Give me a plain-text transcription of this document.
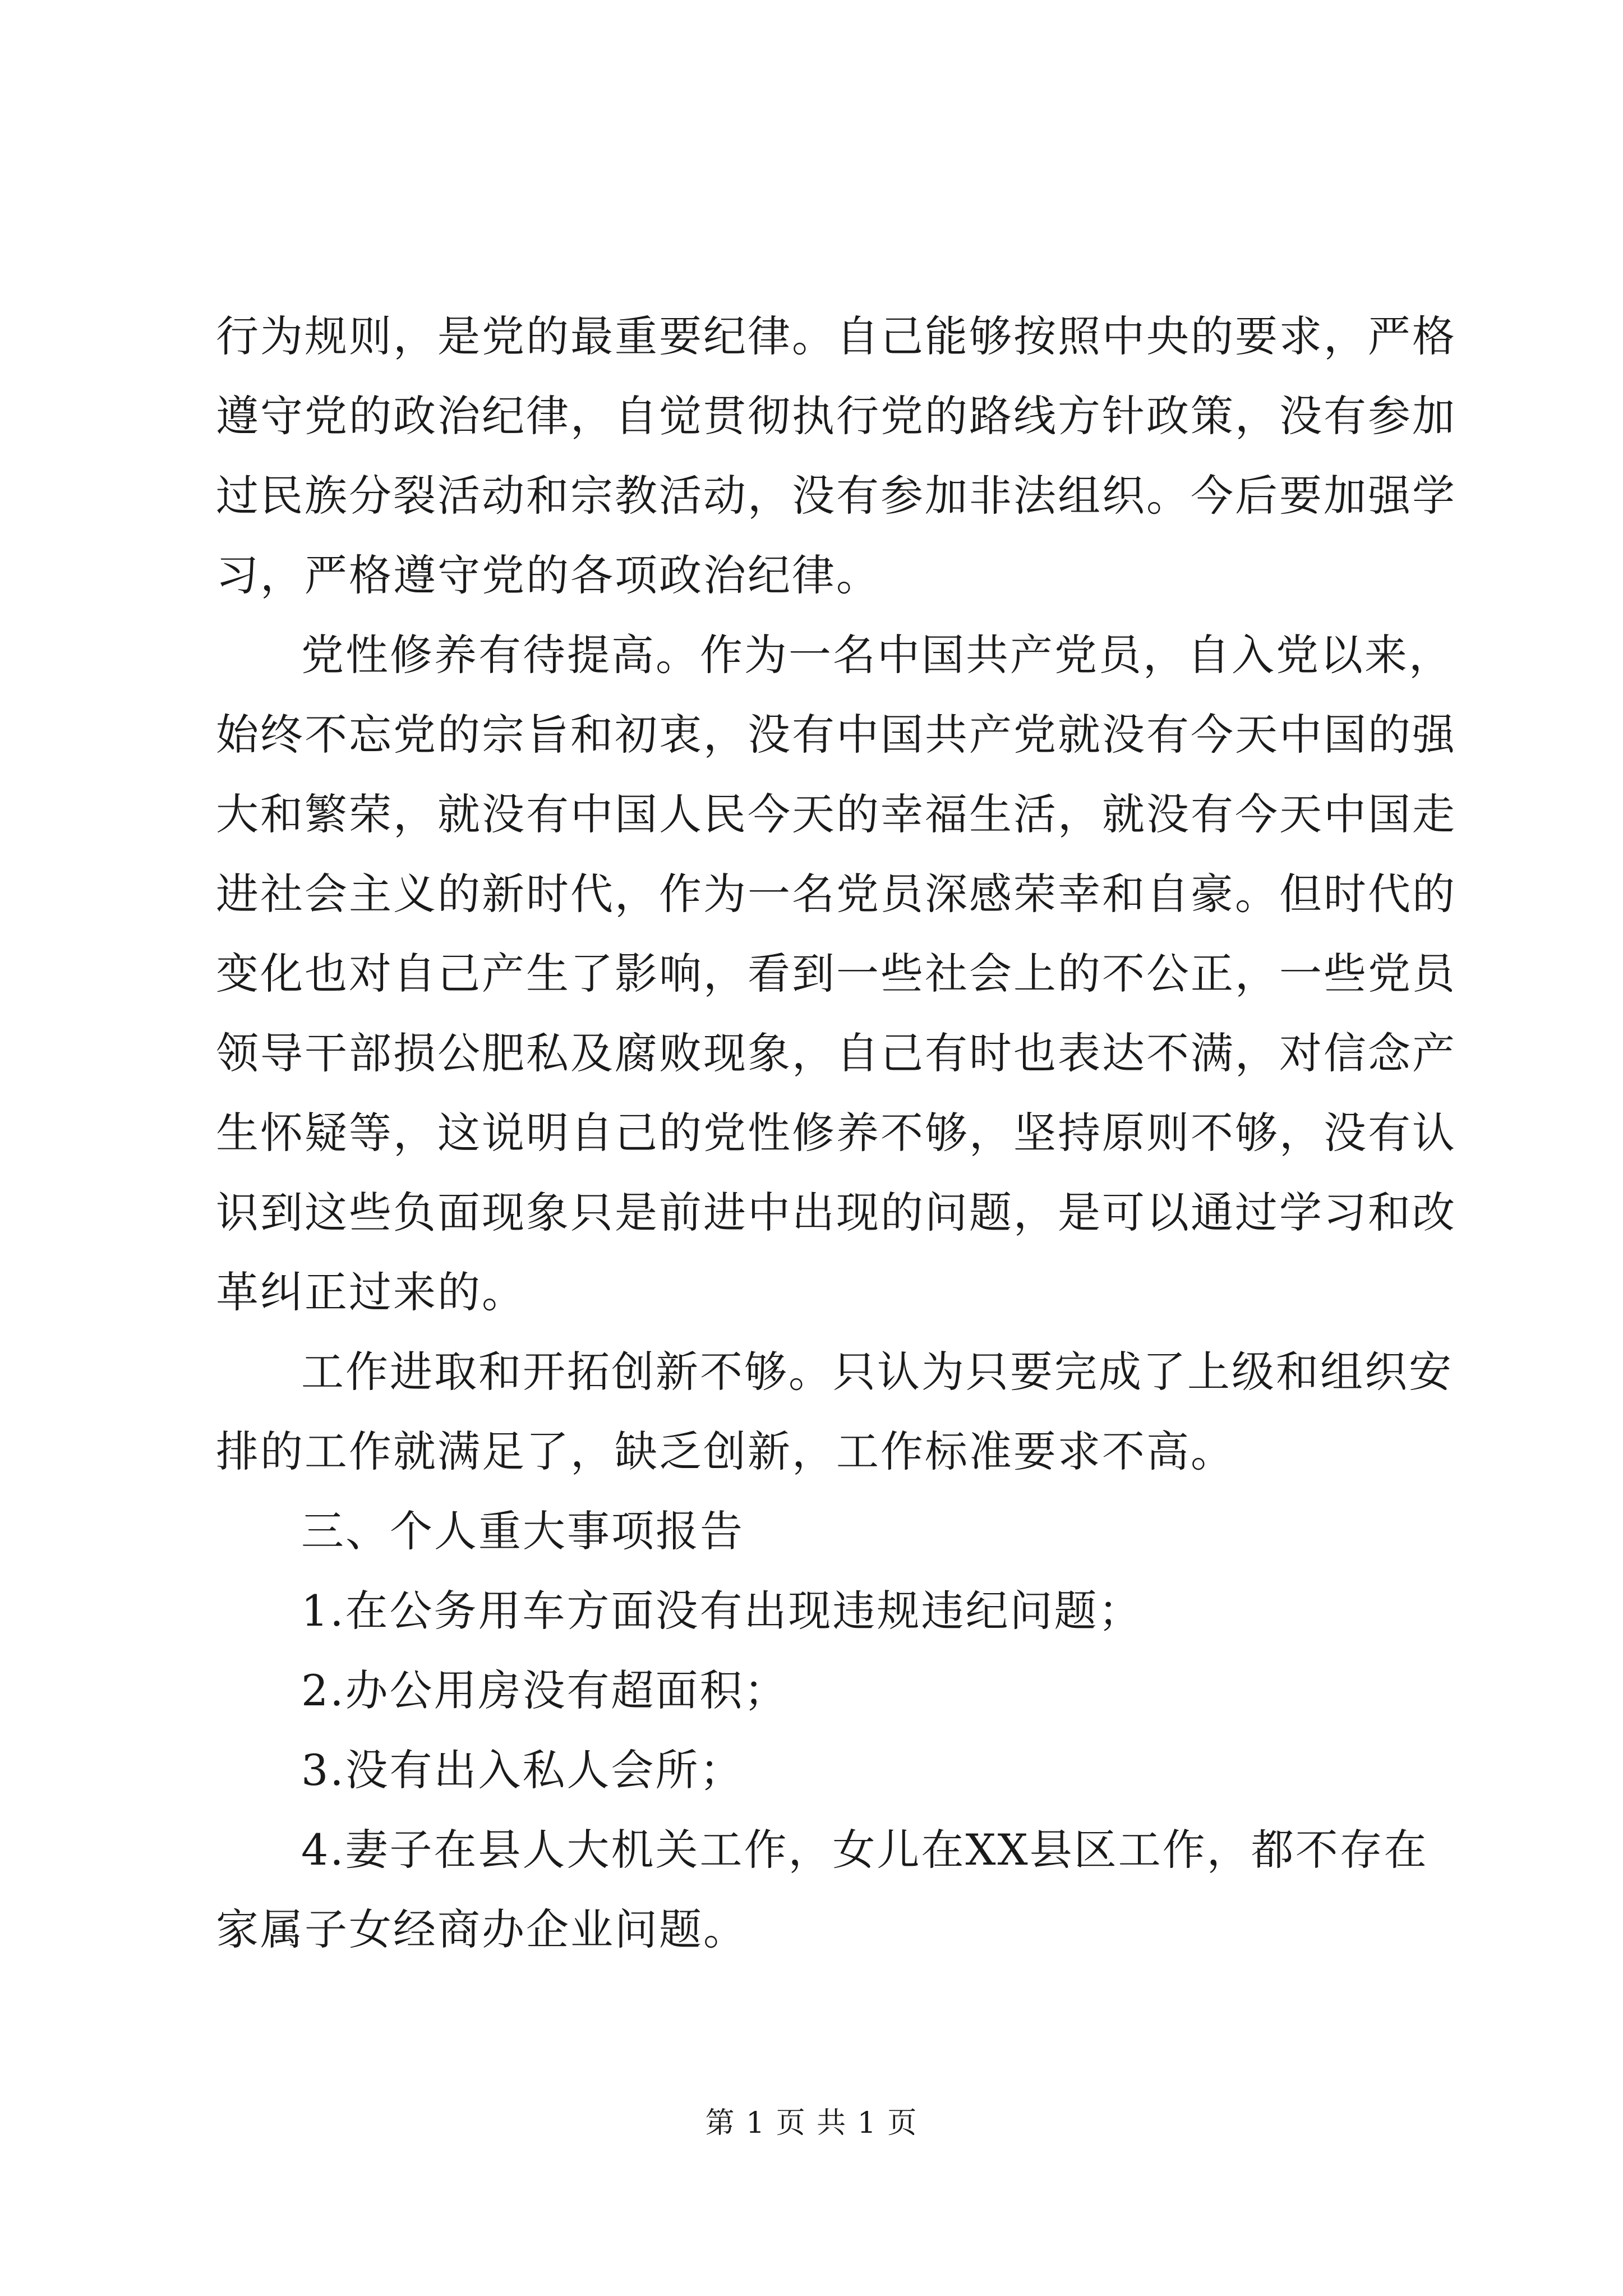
行为规则，是党的最重要纪律。自己能够按照中央的要求，严格
遵守党的政治纪律，自觉贯彻执行党的路线方针政策，没有参加
过民族分裂活动和宗教活动，没有参加非法组织。今后要加强学
习，严格遵守党的各项政治纪律。
党性修养有待提高。作为一名中国共产党员，自入党以来，
始终不忘党的宗旨和初衷，没有中国共产党就没有今天中国的强
大和繁荣，就没有中国人民今天的幸福生活，就没有今天中国走
进社会主义的新时代，作为一名党员深感荣幸和自豪。但时代的
变化也对自己产生了影响，看到一些社会上的不公正，一些党员
领导干部损公肥私及腐败现象，自己有时也表达不满，对信念产
生怀疑等，这说明自己的党性修养不够，坚持原则不够，没有认
识到这些负面现象只是前进中出现的问题，是可以通过学习和改
革纠正过来的。
工作进取和开拓创新不够。只认为只要完成了上级和组织安
排的工作就满足了，缺乏创新，工作标准要求不高。
三、个人重大事项报告
1.在公务用车方面没有出现违规违纪问题；
2.办公用房没有超面积；
3.没有出入私人会所；
4.妻子在县人大机关工作，女儿在XX县区工作，都不存在
家属子女经商办企业问题。
第 1 页 共 1 页
